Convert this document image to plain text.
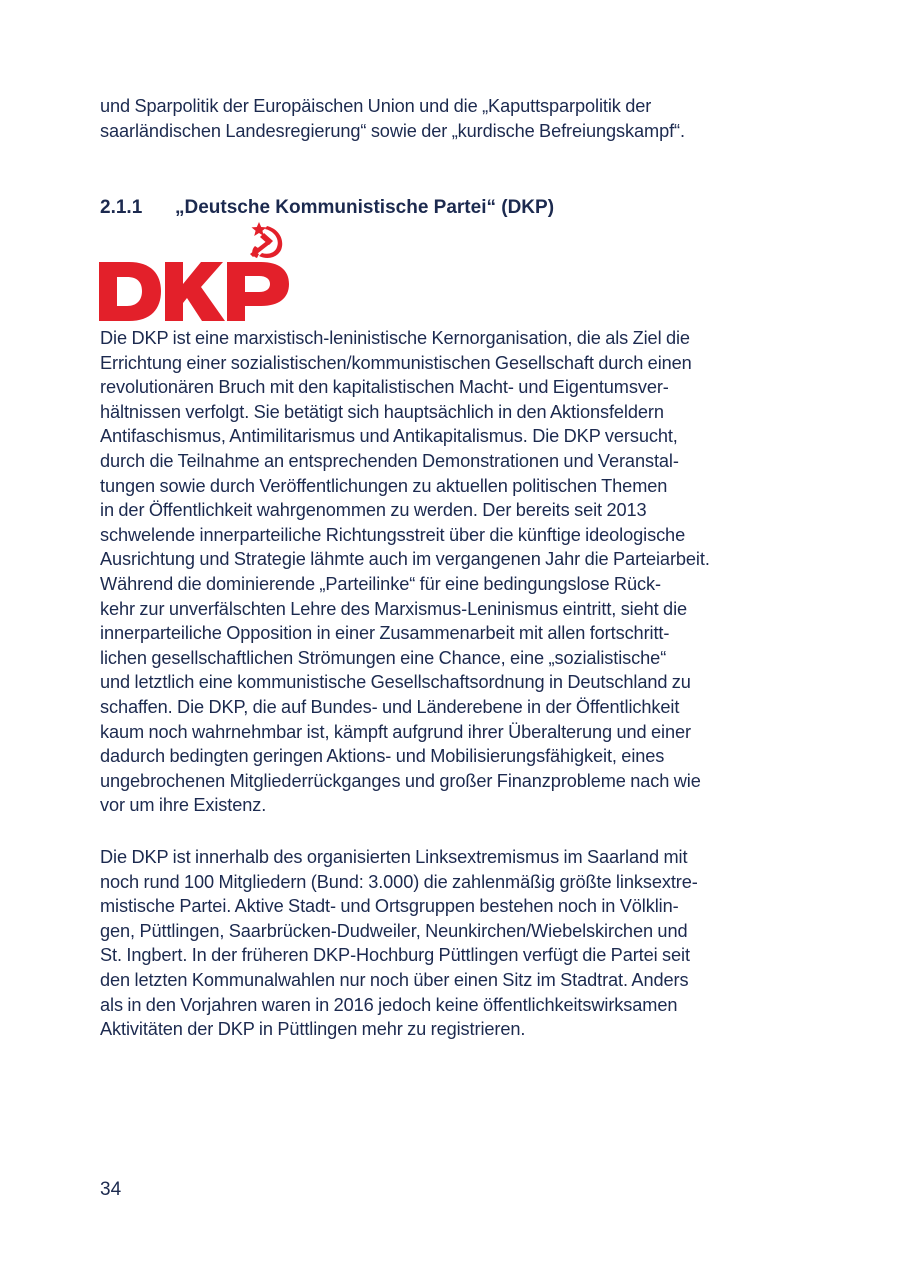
und Sparpolitik der Europäischen Union und die „Kaputtsparpolitik der
saarländischen Landesregierung“ sowie der „kurdische Befreiungskampf“.

2.1.1 „Deutsche Kommunistische Partei“ (DKP)

Die DKP ist eine marxistisch-leninistische Kernorganisation, die als Ziel die
Errichtung einer sozialistischen/kommunistischen Gesellschaft durch einen
revolutionären Bruch mit den kapitalistischen Macht- und Eigentumsver-
hältnissen verfolgt. Sie betätigt sich hauptsächlich in den Aktionsfeldern
Antifaschismus, Antimilitarismus und Antikapitalismus. Die DKP versucht,
durch die Teilnahme an entsprechenden Demonstrationen und Veranstal-
tungen sowie durch Veröffentlichungen zu aktuellen politischen Themen
in der Öffentlichkeit wahrgenommen zu werden. Der bereits seit 2013
schwelende innerparteiliche Richtungsstreit über die künftige ideologische
Ausrichtung und Strategie lähmte auch im vergangenen Jahr die Parteiarbeit.
Während die dominierende „Parteilinke“ für eine bedingungslose Rück-
kehr zur unverfälschten Lehre des Marxismus-Leninismus eintritt, sieht die
innerparteiliche Opposition in einer Zusammenarbeit mit allen fortschritt-
lichen gesellschaftlichen Strömungen eine Chance, eine „sozialistische“
und letztlich eine kommunistische Gesellschaftsordnung in Deutschland zu
schaffen. Die DKP, die auf Bundes- und Länderebene in der Öffentlichkeit
kaum noch wahrnehmbar ist, kämpft aufgrund ihrer Überalterung und einer
dadurch bedingten geringen Aktions- und Mobilisierungsfähigkeit, eines
ungebrochenen Mitgliederrückganges und großer Finanzprobleme nach wie
vor um ihre Existenz.

Die DKP ist innerhalb des organisierten Linksextremismus im Saarland mit
noch rund 100 Mitgliedern (Bund: 3.000) die zahlenmäßig größte linksextre-
mistische Partei. Aktive Stadt- und Ortsgruppen bestehen noch in Völklin-
gen, Püttlingen, Saarbrücken-Dudweiler, Neunkirchen/Wiebelskirchen und
St. Ingbert. In der früheren DKP-Hochburg Püttlingen verfügt die Partei seit
den letzten Kommunalwahlen nur noch über einen Sitz im Stadtrat. Anders
als in den Vorjahren waren in 2016 jedoch keine öffentlichkeitswirksamen
Aktivitäten der DKP in Püttlingen mehr zu registrieren.

34
